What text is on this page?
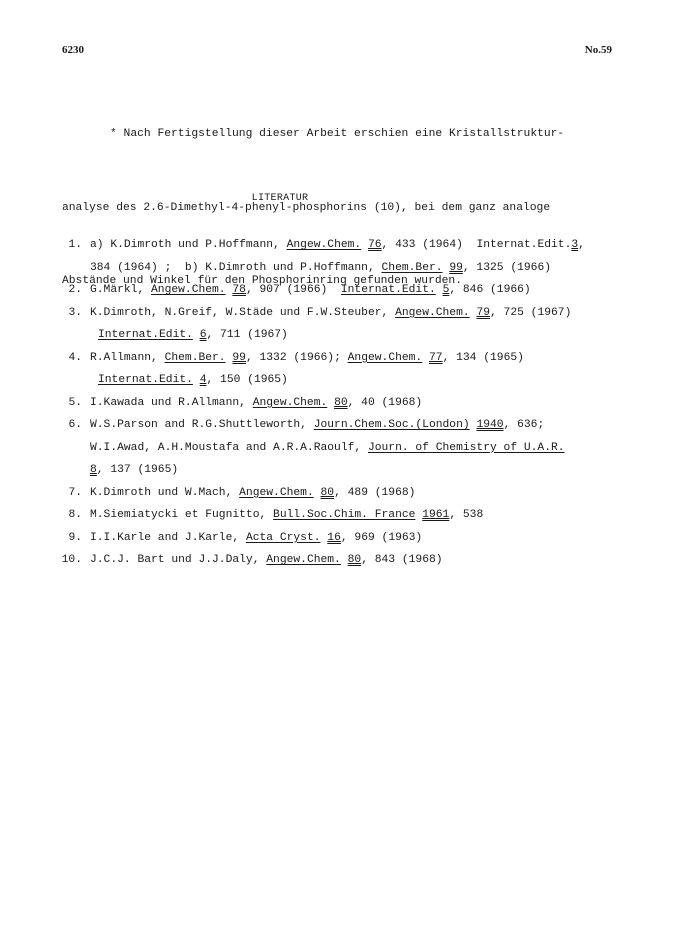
6230	No.59

* Nach Fertigstellung dieser Arbeit erschien eine Kristallstruktur-

analyse des 2.6-Dimethyl-4-phenyl-phosphorins (10), bei dem ganz analoge

Abstände und Winkel für den Phosphorinring gefunden wurden.

LITERATUR
1. a) K.Dimroth und P.Hoffmann, Angew.Chem. 76, 433 (1964)  Internat.Edit.3,
384 (1964) ;  b) K.Dimroth und P.Hoffmann, Chem.Ber. 99, 1325 (1966)
2. G.Märkl, Angew.Chem. 78, 907 (1966)  Internat.Edit. 5, 846 (1966)
3. K.Dimroth, N.Greif, W.Städe und F.W.Steuber, Angew.Chem. 79, 725 (1967)
Internat.Edit. 6, 711 (1967)
4. R.Allmann, Chem.Ber. 99, 1332 (1966); Angew.Chem. 77, 134 (1965)
Internat.Edit. 4, 150 (1965)
5. I.Kawada und R.Allmann, Angew.Chem. 80, 40 (1968)
6. W.S.Parson and R.G.Shuttleworth, Journ.Chem.Soc.(London) 1940, 636;
W.I.Awad, A.H.Moustafa and A.R.A.Raoulf, Journ. of Chemistry of U.A.R.
8, 137 (1965)
7. K.Dimroth und W.Mach, Angew.Chem. 80, 489 (1968)
8. M.Siemiatycki et Fugnitto, Bull.Soc.Chim. France 1961, 538
9. I.I.Karle and J.Karle, Acta Cryst. 16, 969 (1963)
10. J.C.J. Bart und J.J.Daly, Angew.Chem. 80, 843 (1968)
